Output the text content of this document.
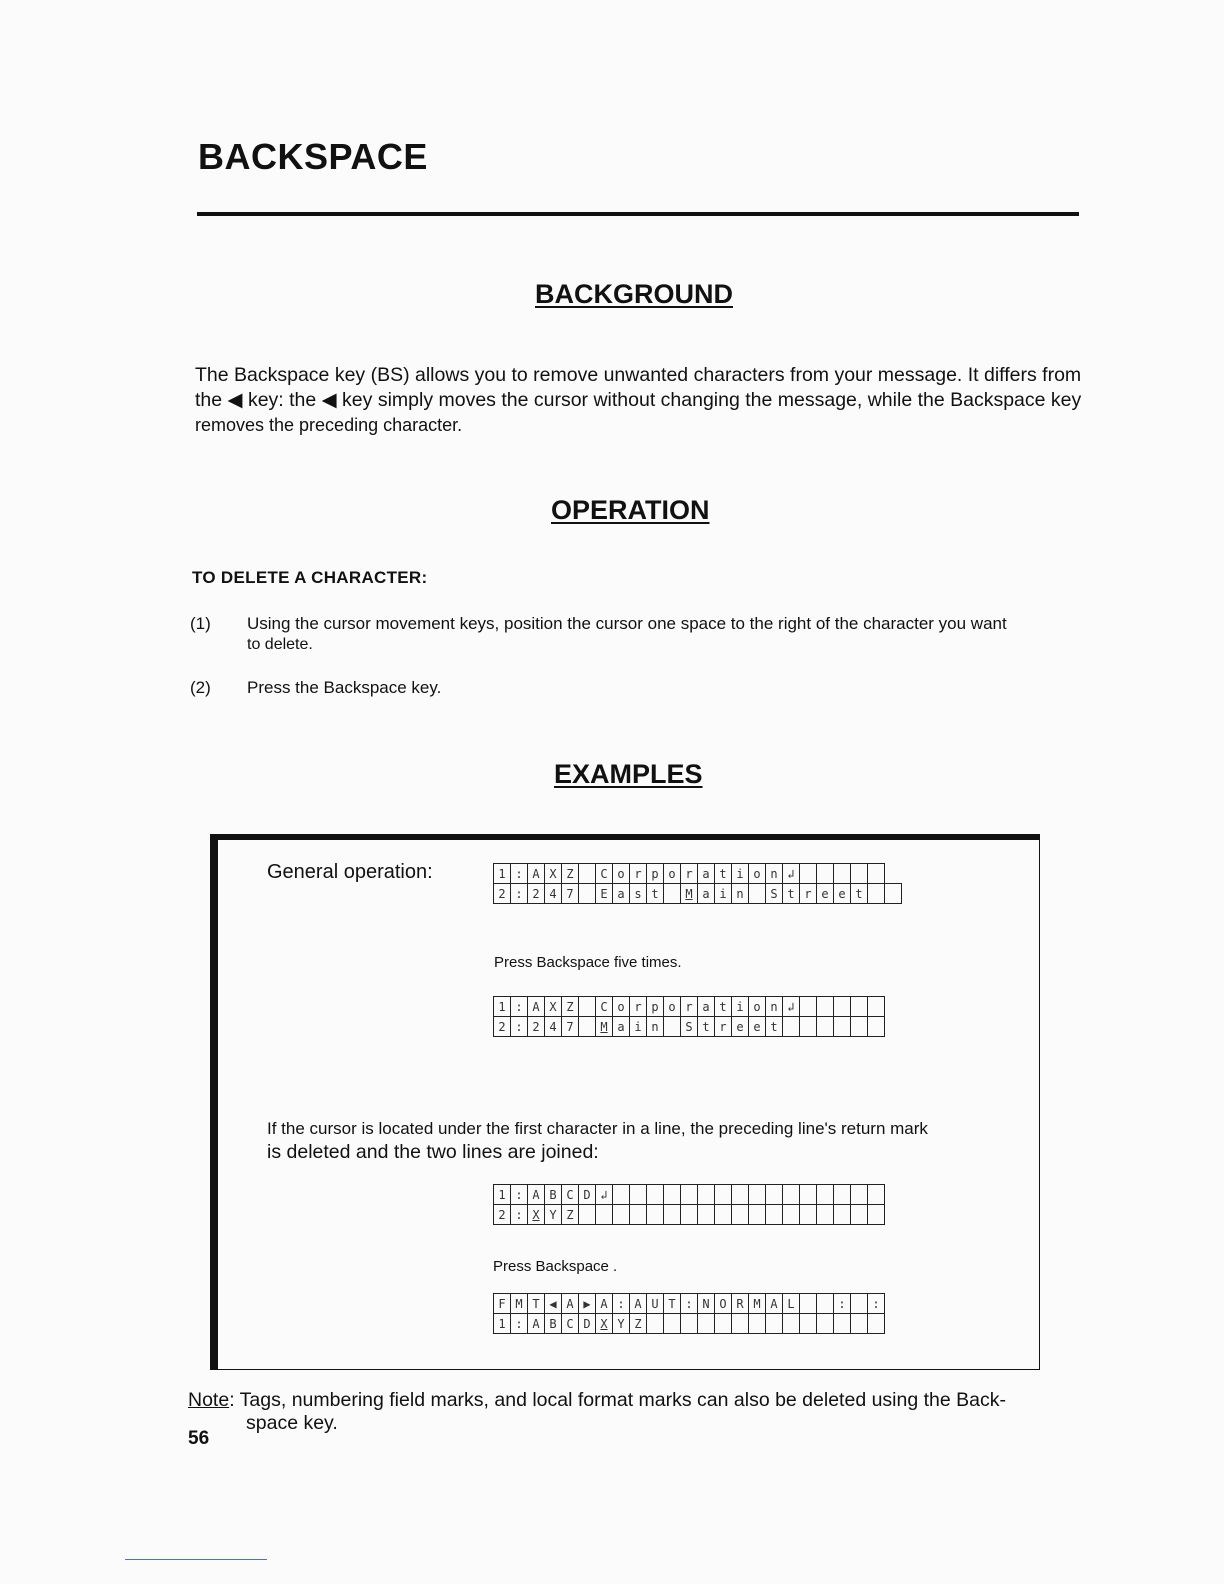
BACKSPACE
BACKGROUND
The Backspace key (BS) allows you to remove unwanted characters from your message. It differs from
the ◀ key: the ◀ key simply moves the cursor without changing the message, while the Backspace key
removes the preceding character.
OPERATION
TO DELETE A CHARACTER:
(1) Using the cursor movement keys, position the cursor one space to the right of the character you want
to delete.
(2) Press the Backspace key.
EXAMPLES
General operation:	1	:	A	X	Z		C	o	r	p	o	r	a	t	i	o	n	↲						
2	:	2	4	7		E	a	s	t		M	a	i	n		S	t	r	e	e	t		
Press Backspace five times.
1	:	A	X	Z		C	o	r	p	o	r	a	t	i	o	n	↲					
2	:	2	4	7		M	a	i	n		S	t	r	e	e	t						
If the cursor is located under the first character in a line, the preceding line's return mark
is deleted and the two lines are joined:
1	:	A	B	C	D	↲																
2	:	X	Y	Z																		
Press Backspace .
F	M	T	◀	A	▶	A	:	A	U	T	:	N	O	R	M	A	L			:		:
1	:	A	B	C	D	X	Y	Z														
Note: Tags, numbering field marks, and local format marks can also be deleted using the Back-
space key.
56
